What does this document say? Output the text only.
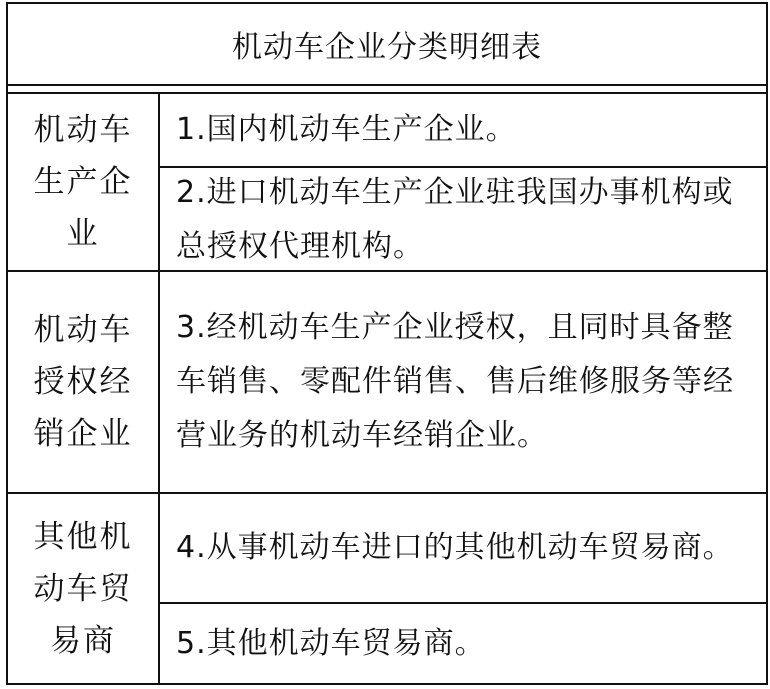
机动车企业分类明细表
机动车生产企业
1.国内机动车生产企业。
2.进口机动车生产企业驻我国办事机构或总授权代理机构。
机动车授权经销企业
3.经机动车生产企业授权，且同时具备整车销售、零配件销售、售后维修服务等经营业务的机动车经销企业。
其他机动车贸易商
4.从事机动车进口的其他机动车贸易商。
5.其他机动车贸易商。
